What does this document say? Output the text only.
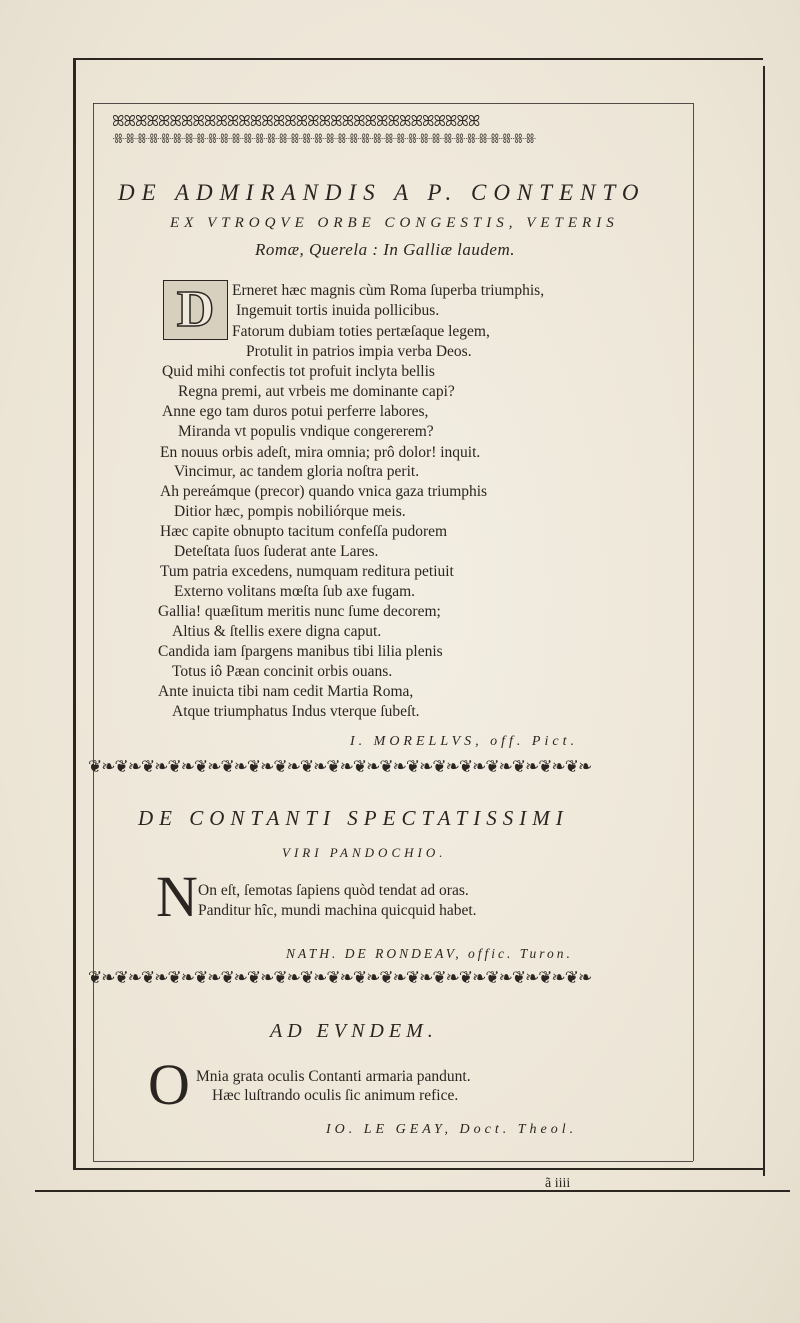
ꕤꕤꕤꕤꕤꕤꕤꕤꕤꕤꕤꕤꕤꕤꕤꕤꕤꕤꕤꕤꕤꕤꕤꕤꕤꕤꕤꕤꕤꕤꕤꕤ
ꗥꗥꗥꗥꗥꗥꗥꗥꗥꗥꗥꗥꗥꗥꗥꗥꗥꗥꗥꗥꗥꗥꗥꗥꗥꗥꗥꗥꗥꗥꗥꗥꗥꗥꗥꗥ
DE ADMIRANDIS A P. CONTENTO
EX VTROQVE ORBE CONGESTIS, VETERIS
Romæ, Querela : In Galliæ laudem.
D Erneret hæc magnis cùm Roma ſuperba triumphis,
Ingemuit tortis inuida pollicibus.
Fatorum dubiam toties pertæſaque legem,
Protulit in patrios impia verba Deos.
Quid mihi confectis tot profuit inclyta bellis
Regna premi, aut vrbeis me dominante capi?
Anne ego tam duros potui perferre labores,
Miranda vt populis vndique congererem?
En nouus orbis adeſt, mira omnia; prô dolor! inquit.
Vincimur, ac tandem gloria noſtra perit.
Ah pereámque (precor) quando vnica gaza triumphis
Ditior hæc, pompis nobiliórque meis.
Hæc capite obnupto tacitum confeſſa pudorem
Deteſtata ſuos ſuderat ante Lares.
Tum patria excedens, numquam reditura petiuit
Externo volitans mœſta ſub axe fugam.
Gallia! quæſitum meritis nunc ſume decorem;
Altius & ſtellis exere digna caput.
Candida iam ſpargens manibus tibi lilia plenis
Totus iô Pæan concinit orbis ouans.
Ante inuicta tibi nam cedit Martia Roma,
Atque triumphatus Indus vterque ſubeſt.
I. MORELLVS, off. Pict.
❦❧❦❧❦❧❦❧❦❧❦❧❦❧❦❧❦❧❦❧❦❧❦❧❦❧❦❧❦❧❦❧❦❧❦❧❦❧
DE CONTANTI SPECTATISSIMI
VIRI PANDOCHIO.
N On eſt, ſemotas ſapiens quòd tendat ad oras.
Panditur hîc, mundi machina quicquid habet.
NATH. DE RONDEAV, offic. Turon.
❦❧❦❧❦❧❦❧❦❧❦❧❦❧❦❧❦❧❦❧❦❧❦❧❦❧❦❧❦❧❦❧❦❧❦❧❦❧
AD EVNDEM.
O Mnia grata oculis Contanti armaria pandunt.
Hæc luſtrando oculis ſic animum refice.
IO. LE GEAY, Doct. Theol.
ã iiii
